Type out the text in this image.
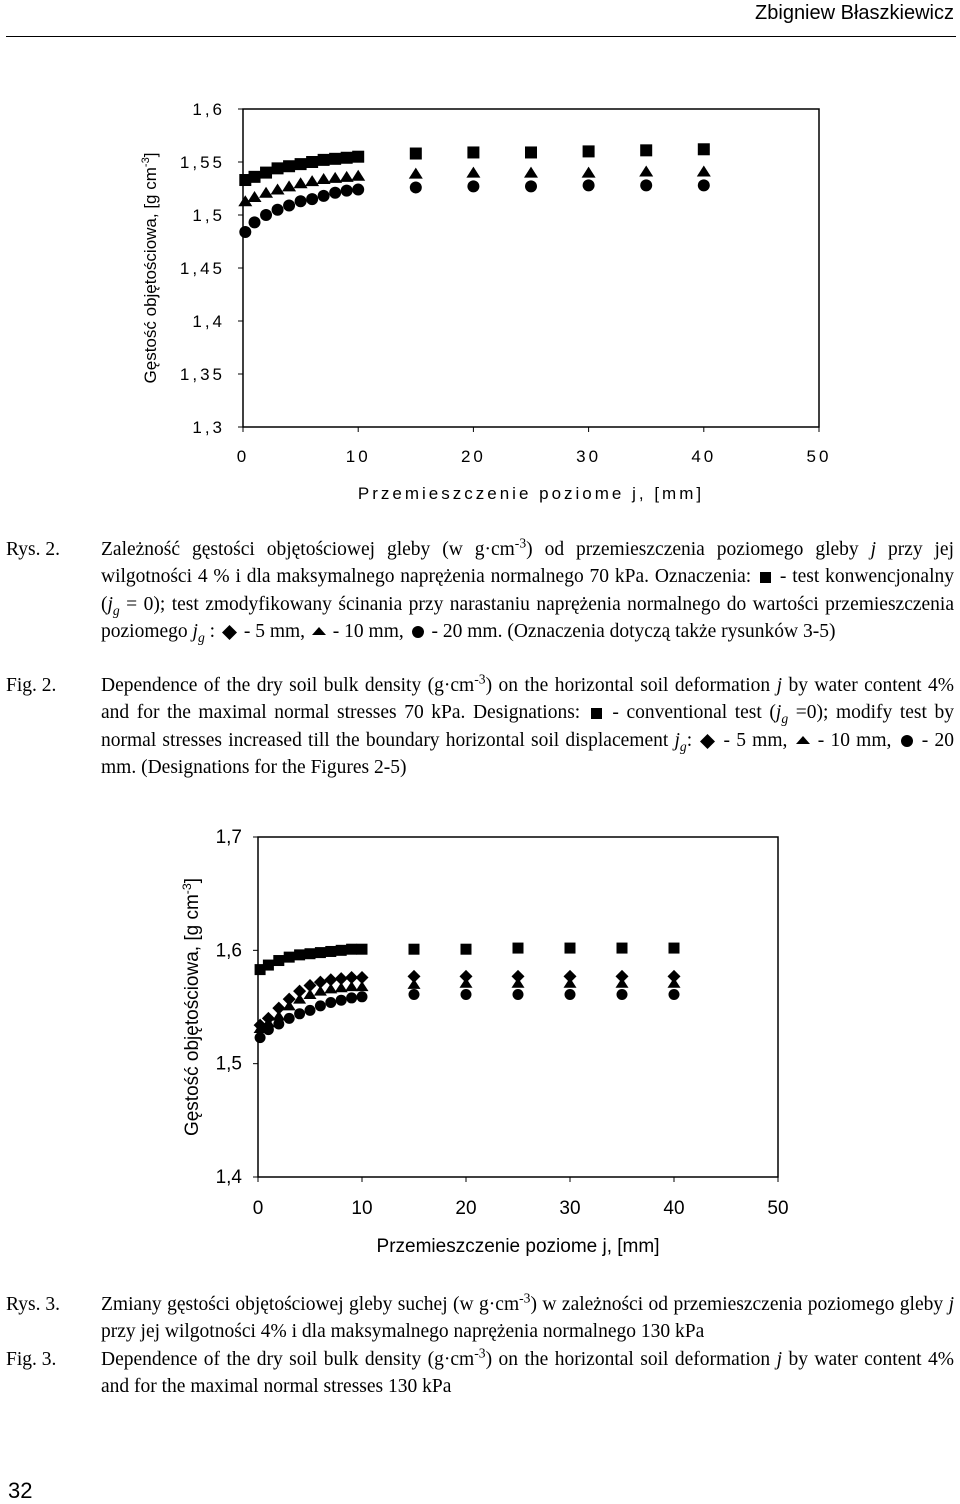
Zbigniew Błaszkiewicz
1,3
1,35
1,4
1,45
1,5
1,55
1,6
0	10	20	30	40	50
Przemieszczenie poziome j, [mm]
Gęstość objętościowa, [g $cm^{-3}$]
Rys. 2. Zależność gęstości objętościowej gleby (w $g\cdot cm^{-3}$) od przemieszczenia poziomego gleby j przy jej wilgotności 4 % i dla maksymalnego naprężenia normalnego 70 kPa. Oznaczenia:  - test konwencjonalny $(j_g = 0)$; test zmodyfikowany ścinania przy narastaniu naprężenia normalnego do wartości przemieszczenia poziomego $j_g$ :  - 5 mm,  - 10 mm,  - 20 mm. (Oznaczenia dotyczą także rysunków 3-5)
Fig. 2. Dependence of the dry soil bulk density $(g\cdot cm^{-3})$ on the horizontal soil deformation j by water content 4% and for the maximal normal stresses 70 kPa. Designations:  - conventional test $(j_g =0)$; modify test by normal stresses increased till the boundary horizontal soil displacement $j_g$:  - 5 mm,  - 10 mm,  - 20 mm. (Designations for the Figures 2-5)
1,4
1,5
1,6
1,7
0	10	20	30	40	50
Przemieszczenie poziome j, [mm]
Gęstość objętościowa, [g $cm^{-3}$]
Rys. 3. Zmiany gęstości objętościowej gleby suchej (w $g\cdot cm^{-3}$) w zależności od przemieszczenia poziomego gleby j przy jej wilgotności 4% i dla maksymalnego naprężenia normalnego 130 kPa
Fig. 3. Dependence of the dry soil bulk density $(g\cdot cm^{-3})$ on the horizontal soil deformation j by water content 4% and for the maximal normal stresses 130 kPa
32
